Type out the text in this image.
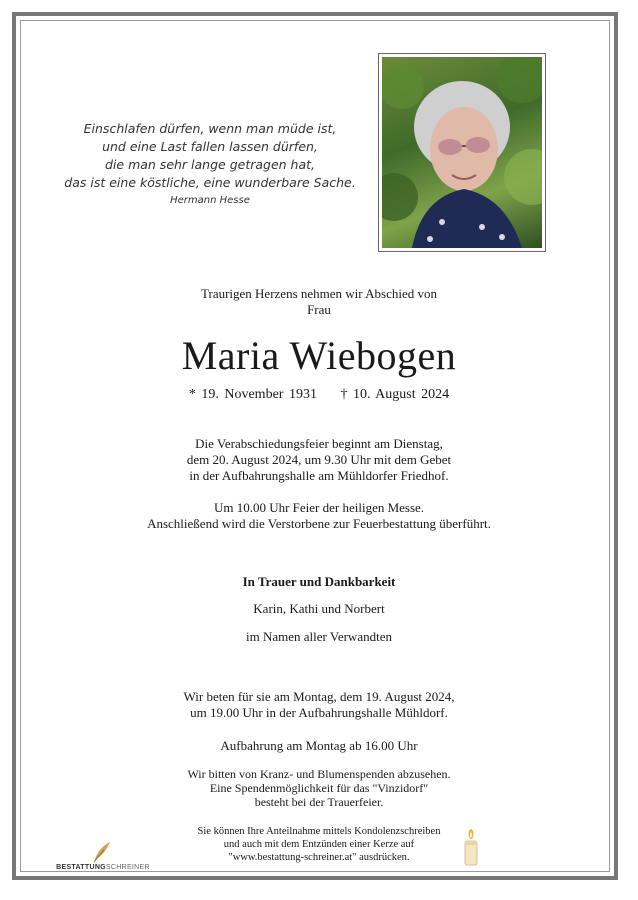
Einschlafen dürfen, wenn man müde ist,
und eine Last fallen lassen dürfen,
die man sehr lange getragen hat,
das ist eine köstliche, eine wunderbare Sache.
Hermann Hesse
Traurigen Herzens nehmen wir Abschied von
Frau
Maria Wiebogen
* 19. November 1931 † 10. August 2024
Die Verabschiedungsfeier beginnt am Dienstag,
dem 20. August 2024, um 9.30 Uhr mit dem Gebet
in der Aufbahrungshalle am Mühldorfer Friedhof.
Um 10.00 Uhr Feier der heiligen Messe.
Anschließend wird die Verstorbene zur Feuerbestattung überführt.
In Trauer und Dankbarkeit
Karin, Kathi und Norbert
im Namen aller Verwandten
Wir beten für sie am Montag, dem 19. August 2024,
um 19.00 Uhr in der Aufbahrungshalle Mühldorf.
Aufbahrung am Montag ab 16.00 Uhr
Wir bitten von Kranz- und Blumenspenden abzusehen.
Eine Spendenmöglichkeit für das "Vinzidorf"
besteht bei der Trauerfeier.
Sie können Ihre Anteilnahme mittels Kondolenzschreiben
und auch mit dem Entzünden einer Kerze auf
"www.bestattung-schreiner.at" ausdrücken.
BESTATTUNGSCHREINER
